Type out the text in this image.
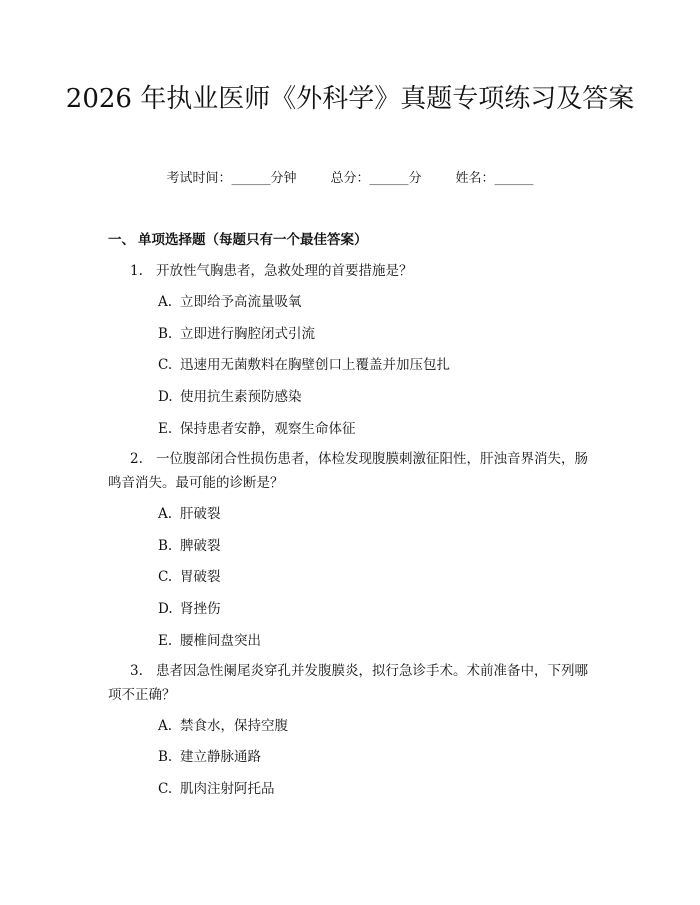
2026 年执业医师《外科学》真题专项练习及答案
考试时间：______分钟	总分：______分	姓名：______
一、 单项选择题（每题只有一个最佳答案）
1. 开放性气胸患者，急救处理的首要措施是？
A. 立即给予高流量吸氧
B. 立即进行胸腔闭式引流
C. 迅速用无菌敷料在胸壁创口上覆盖并加压包扎
D. 使用抗生素预防感染
E. 保持患者安静，观察生命体征
2. 一位腹部闭合性损伤患者，体检发现腹膜刺激征阳性，肝浊音界消失，肠鸣音消失。最可能的诊断是？
A. 肝破裂
B. 脾破裂
C. 胃破裂
D. 肾挫伤
E. 腰椎间盘突出
3. 患者因急性阑尾炎穿孔并发腹膜炎，拟行急诊手术。术前准备中，下列哪项不正确？
A. 禁食水，保持空腹
B. 建立静脉通路
C. 肌肉注射阿托品
